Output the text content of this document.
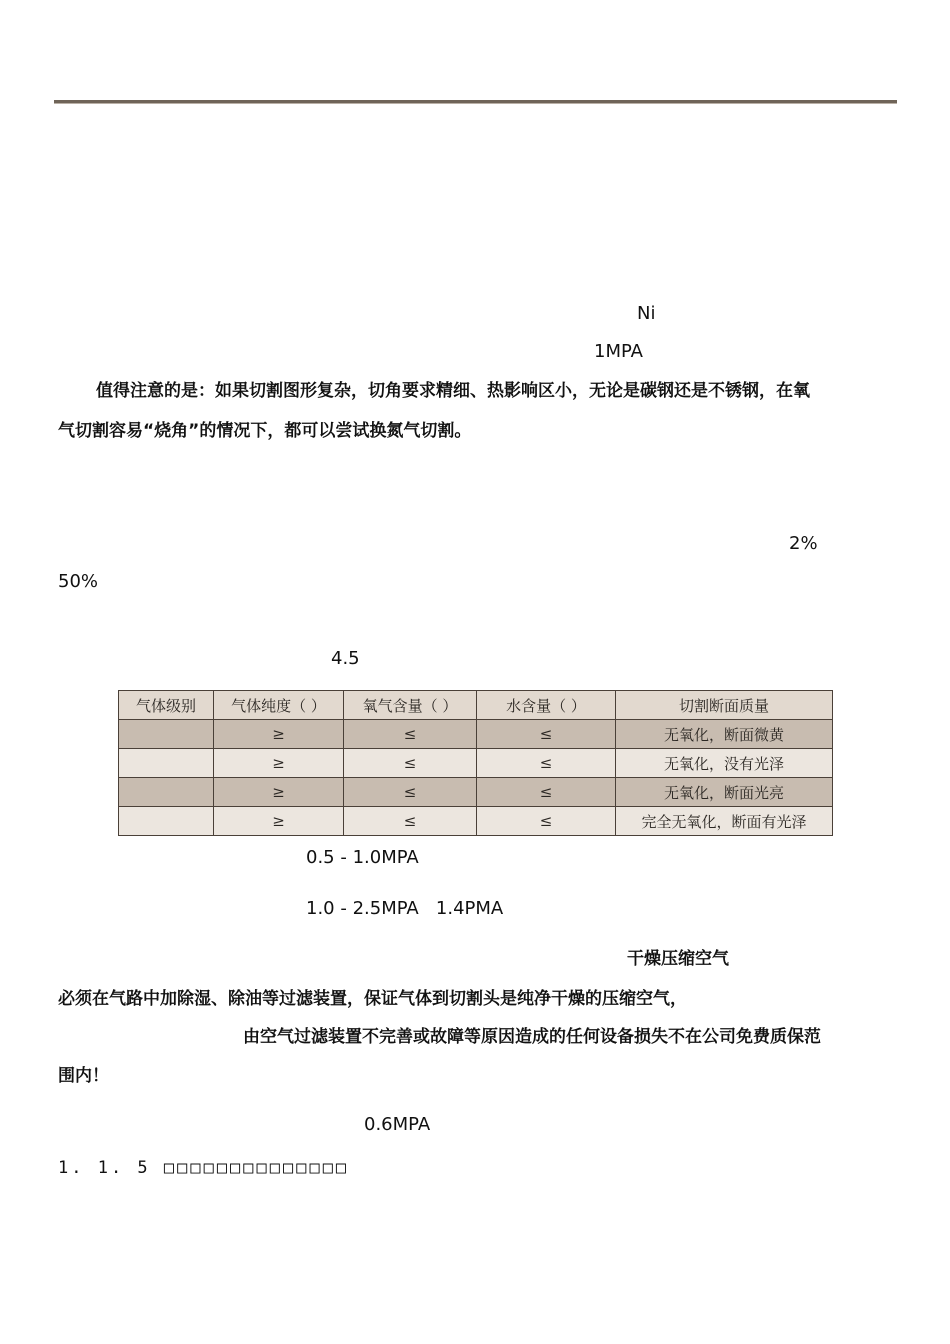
Ni
1MPA
值得注意的是：如果切割图形复杂，切角要求精细、热影响区小，无论是碳钢还是不锈钢，在氧
气切割容易“烧角”的情况下，都可以尝试换氮气切割。
2%
50%
4.5
气体级别	气体纯度（ ）	氧气含量（ ）	水含量（ ）	切割断面质量
	≥	≤	≤	无氧化，断面微黄
	≥	≤	≤	无氧化，没有光泽
	≥	≤	≤	无氧化，断面光亮
	≥	≤	≤	完全无氧化，断面有光泽
0.5 - 1.0MPA
1.0 - 2.5MPA   1.4PMA
干燥压缩空气
必须在气路中加除湿、除油等过滤装置，保证气体到切割头是纯净干燥的压缩空气，
由空气过滤装置不完善或故障等原因造成的任何设备损失不在公司免费质保范
围内！
0.6MPA
1. 1. 5 □□□□□□□□□□□□□□
